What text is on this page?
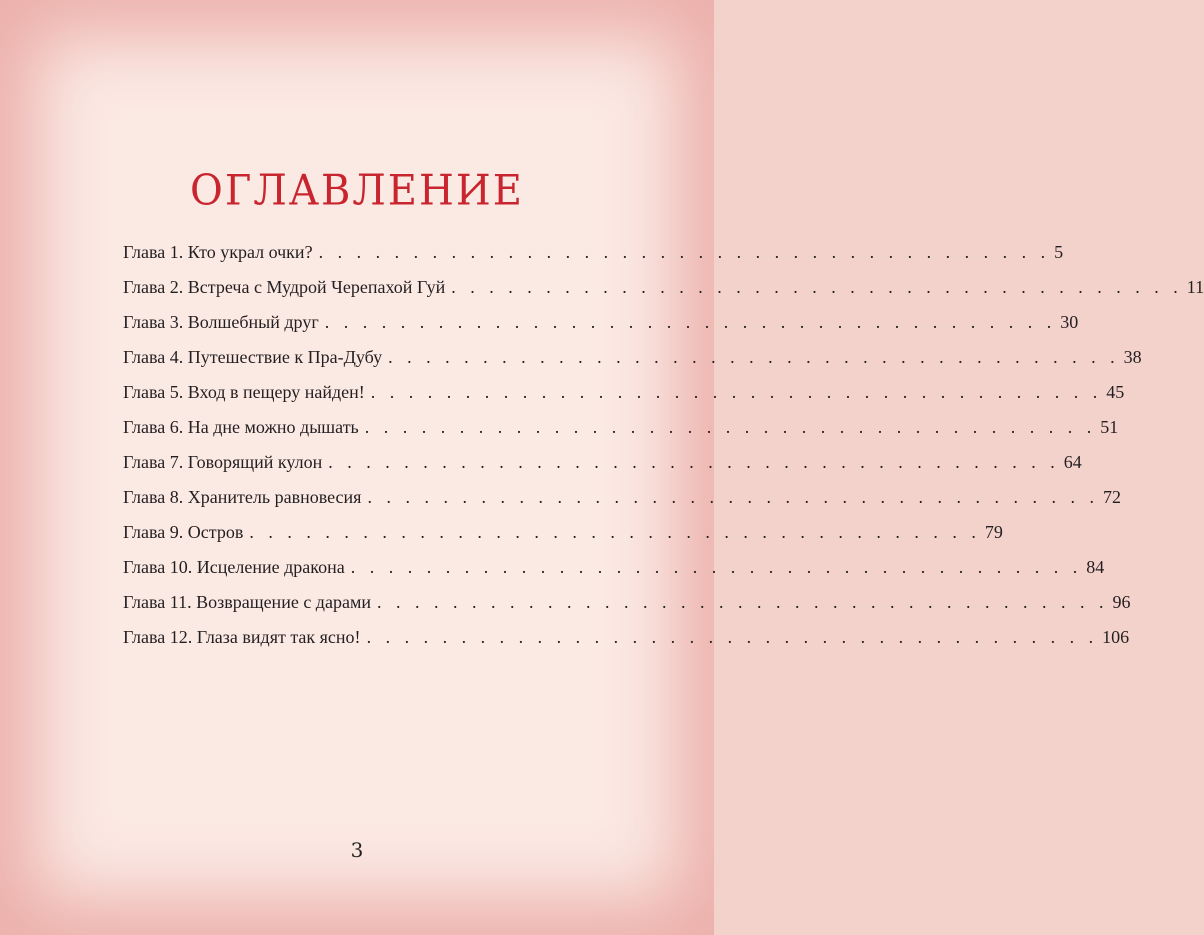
ОГЛАВЛЕНИЕ
Глава 1. Кто украл очки? . . . . . . . . . . . . . . . . . . . . . . . . . . . . . . . . . . . . . . . 5
Глава 2. Встреча с Мудрой Черепахой Гуй . . . . . . . . . . . . . . . . . . . . . . . . . . . . . . . . . . . . . . . 11
Глава 3. Волшебный друг . . . . . . . . . . . . . . . . . . . . . . . . . . . . . . . . . . . . . . . 30
Глава 4. Путешествие к Пра-Дубу . . . . . . . . . . . . . . . . . . . . . . . . . . . . . . . . . . . . . . . 38
Глава 5. Вход в пещеру найден! . . . . . . . . . . . . . . . . . . . . . . . . . . . . . . . . . . . . . . . 45
Глава 6. На дне можно дышать . . . . . . . . . . . . . . . . . . . . . . . . . . . . . . . . . . . . . . . 51
Глава 7. Говорящий кулон . . . . . . . . . . . . . . . . . . . . . . . . . . . . . . . . . . . . . . . 64
Глава 8. Хранитель равновесия . . . . . . . . . . . . . . . . . . . . . . . . . . . . . . . . . . . . . . . 72
Глава 9. Остров . . . . . . . . . . . . . . . . . . . . . . . . . . . . . . . . . . . . . . . 79
Глава 10. Исцеление дракона . . . . . . . . . . . . . . . . . . . . . . . . . . . . . . . . . . . . . . . 84
Глава 11. Возвращение с дарами . . . . . . . . . . . . . . . . . . . . . . . . . . . . . . . . . . . . . . . 96
Глава 12. Глаза видят так ясно! . . . . . . . . . . . . . . . . . . . . . . . . . . . . . . . . . . . . . . . 106
3
